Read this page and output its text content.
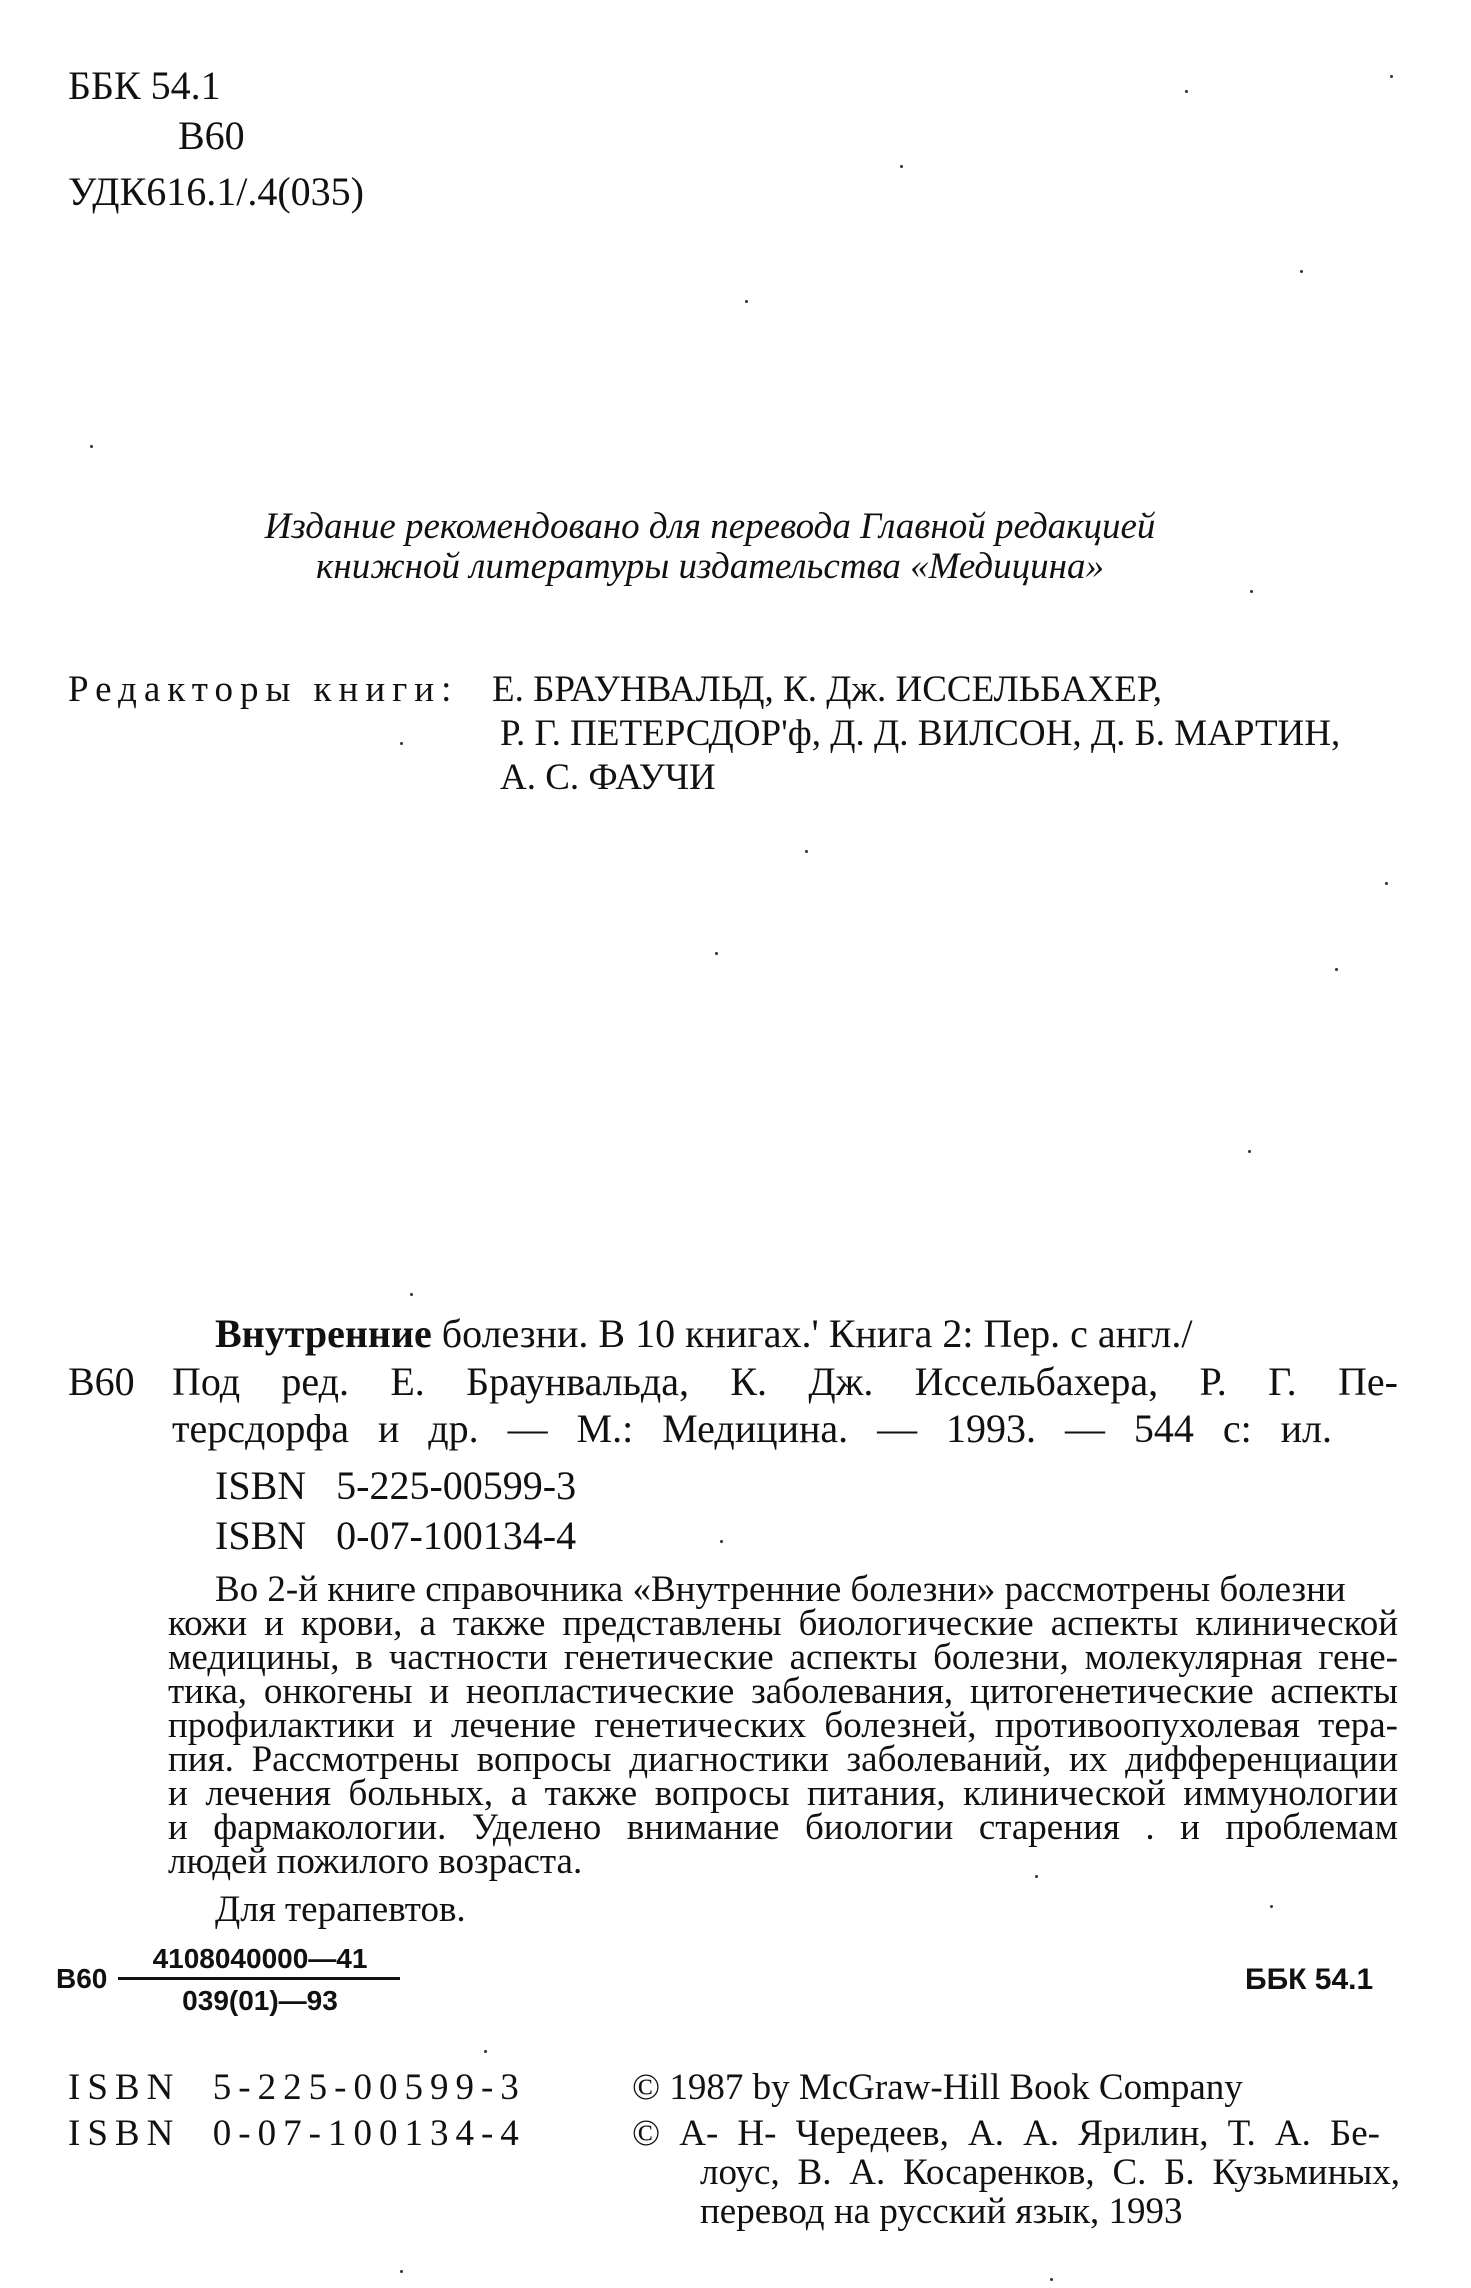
ББК 54.1
В60
УДК616.1/.4(035)
Издание рекомендовано для перевода Главной редакцией
книжной литературы издательства «Медицина»
Редакторы книги: Е. БРАУНВАЛЬД, К. Дж. ИССЕЛЬБАХЕР,
Р. Г. ПЕТЕРСДОР'ф, Д. Д. ВИЛСОН, Д. Б. МАРТИН,
А. С. ФАУЧИ
Внутренние болезни. В 10 книгах.' Книга 2: Пер. с англ./
В60 Под ред. Е. Браунвальда, К. Дж. Иссельбахера, Р. Г. Пе-
терсдорфа и др. — М.: Медицина. — 1993. — 544 с: ил.
ISBN   5-225-00599-3
ISBN   0-07-100134-4
Во 2-й книге справочника «Внутренние болезни» рассмотрены болезни
кожи и крови, а также представлены биологические аспекты клинической
медицины, в частности генетические аспекты болезни, молекулярная гене-
тика, онкогены и неопластические заболевания, цитогенетические аспекты
профилактики и лечение генетических болезней, противоопухолевая тера-
пия. Рассмотрены вопросы диагностики заболеваний, их дифференциации
и лечения больных, а также вопросы питания, клинической иммунологии
и фармакологии. Уделено внимание биологии старения . и проблемам
людей пожилого возраста.
Для терапевтов.
В60
4108040000—41
039(01)—93
ББК 54.1
ISBN  5-225-00599-3
ISBN  0-07-100134-4
© 1987 by McGraw-Hill Book Company
© А- Н- Чередеев, А. А. Ярилин, Т. А. Бе-
лоус, В. А. Косаренков, С. Б. Кузьминых,
перевод на русский язык, 1993
